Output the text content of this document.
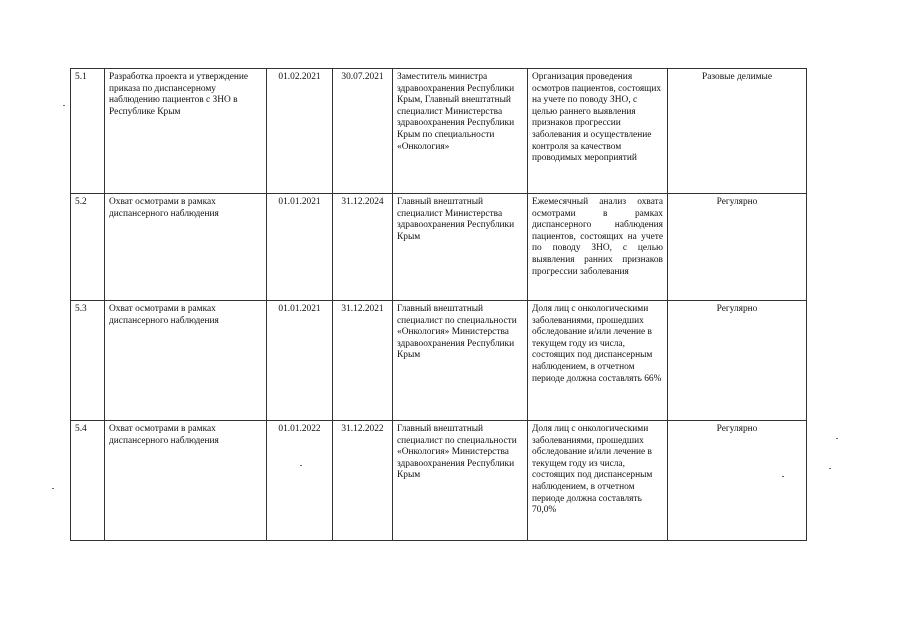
5.1	Разработка проекта и утверждение приказа по диспансерному наблюдению пациентов с ЗНО в Республике Крым	01.02.2021	30.07.2021	Заместитель министра здравоохранения Республики Крым, Главный внештатный специалист Министерства здравоохранения Республики Крым по специальности «Онкология»	Организация проведения осмотров пациентов, состоящих на учете по поводу ЗНО, с целью раннего выявления признаков прогрессии заболевания и осуществление контроля за качеством проводимых мероприятий	Разовые делимые
5.2	Охват осмотрами в рамках диспансерного наблюдения	01.01.2021	31.12.2024	Главный внештатный специалист Министерства здравоохранения Республики Крым	Ежемесячный анализ охвата осмотрами в рамках диспансерного наблюдения пациентов, состоящих на учете по поводу ЗНО, с целью выявления ранних признаков прогрессии заболевания	Регулярно
5.3	Охват осмотрами в рамках диспансерного наблюдения	01.01.2021	31.12.2021	Главный внештатный специалист по специальности «Онкология» Министерства здравоохранения Республики Крым	Доля лиц с онкологическими заболеваниями, прошедших обследование и/или лечение в текущем году из числа, состоящих под диспансерным наблюдением, в отчетном периоде должна составлять 66%	Регулярно
5.4	Охват осмотрами в рамках диспансерного наблюдения	01.01.2022	31.12.2022	Главный внештатный специалист по специальности «Онкология» Министерства здравоохранения Республики Крым	Доля лиц с онкологическими заболеваниями, прошедших обследование и/или лечение в текущем году из числа, состоящих под диспансерным наблюдением, в отчетном периоде должна составлять 70,0%	Регулярно
